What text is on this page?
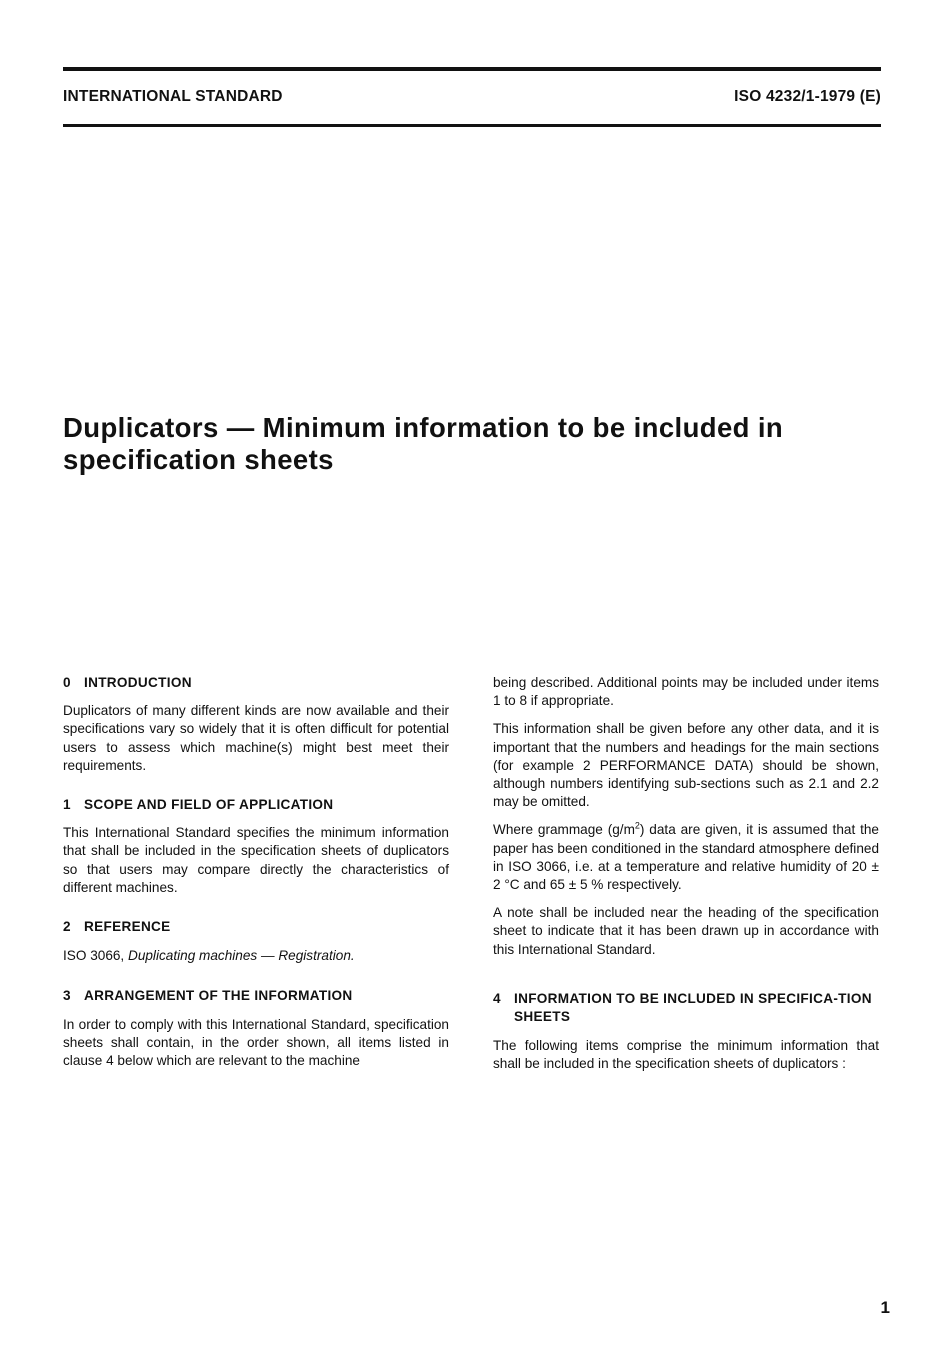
INTERNATIONAL STANDARD	ISO 4232/1-1979 (E)
Duplicators — Minimum information to be included in
specification sheets
0 INTRODUCTION

Duplicators of many different kinds are now available and their specifications vary so widely that it is often difficult for potential users to assess which machine(s) might best meet their requirements.

1 SCOPE AND FIELD OF APPLICATION

This International Standard specifies the minimum information that shall be included in the specification sheets of duplicators so that users may compare directly the characteristics of different machines.

2 REFERENCE

ISO 3066, Duplicating machines — Registration.

3 ARRANGEMENT OF THE INFORMATION

In order to comply with this International Standard, specification sheets shall contain, in the order shown, all items listed in clause 4 below which are relevant to the machine

being described. Additional points may be included under items 1 to 8 if appropriate.

This information shall be given before any other data, and it is important that the numbers and headings for the main sections (for example 2 PERFORMANCE DATA) should be shown, although numbers identifying sub-sections such as 2.1 and 2.2 may be omitted.

Where grammage $(g/m^2)$ data are given, it is assumed that the paper has been conditioned in the standard atmosphere defined in ISO 3066, i.e. at a temperature and relative humidity of 20 ± 2 °C and 65 ± 5 % respectively.

A note shall be included near the heading of the specification sheet to indicate that it has been drawn up in accordance with this International Standard.

4 INFORMATION TO BE INCLUDED IN SPECIFICA-TION SHEETS

The following items comprise the minimum information that shall be included in the specification sheets of duplicators :

1
